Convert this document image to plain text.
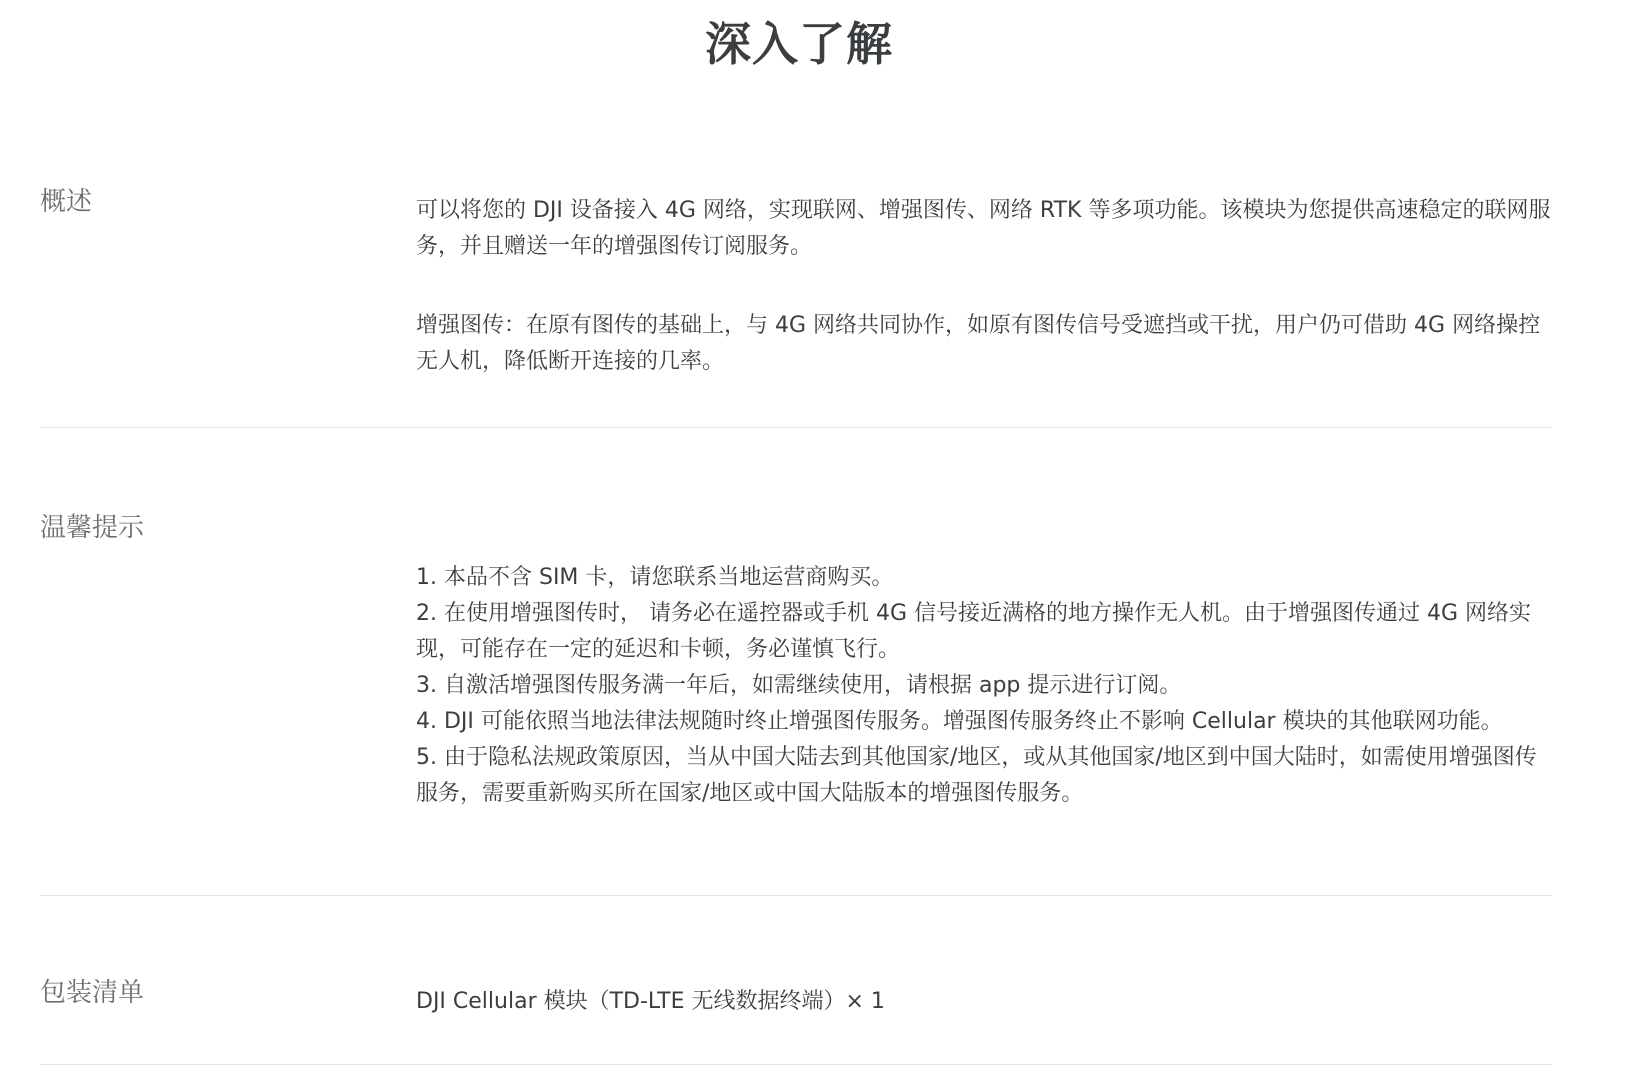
深入了解
概述	可以将您的 DJI 设备接入 4G 网络，实现联网、增强图传、网络 RTK 等多项功能。该模块为您提供高速稳定的联网服务，并且赠送一年的增强图传订阅服务。

增强图传：在原有图传的基础上，与 4G 网络共同协作，如原有图传信号受遮挡或干扰，用户仍可借助 4G 网络操控无人机，降低断开连接的几率。

温馨提示
1. 本品不含 SIM 卡，请您联系当地运营商购买。
2. 在使用增强图传时， 请务必在遥控器或手机 4G 信号接近满格的地方操作无人机。由于增强图传通过 4G 网络实现，可能存在一定的延迟和卡顿，务必谨慎飞行。
3. 自激活增强图传服务满一年后，如需继续使用，请根据 app 提示进行订阅。
4. DJI 可能依照当地法律法规随时终止增强图传服务。增强图传服务终止不影响 Cellular 模块的其他联网功能。
5. 由于隐私法规政策原因，当从中国大陆去到其他国家/地区，或从其他国家/地区到中国大陆时，如需使用增强图传服务，需要重新购买所在国家/地区或中国大陆版本的增强图传服务。
包装清单	DJI Cellular 模块（TD-LTE 无线数据终端）× 1
